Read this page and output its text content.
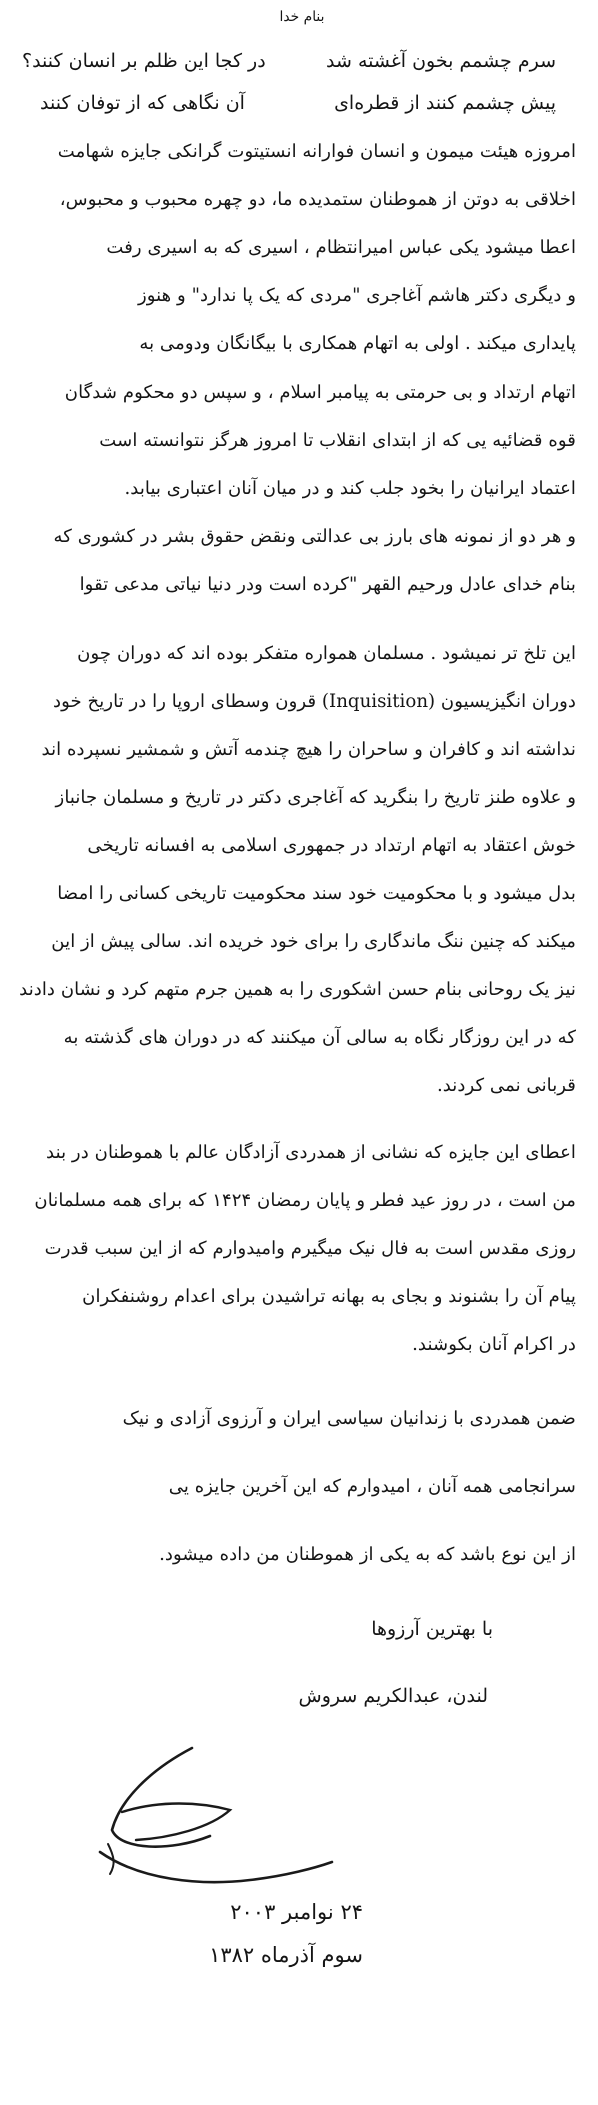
بنام خدا
سرم چشمم بخون آغشته شد
در کجا این ظلم بر انسان کنند؟
پیش چشمم کنند از قطره‌ای
آن نگاهی که از توفان کنند
امروزه هیئت میمون و انسان فوارانه انستیتوت گرانکی جایزه شهامت
اخلاقی به دوتن از هموطنان ستمدیده ما، دو چهره محبوب و محبوس،
اعطا میشود یکی عباس امیرانتظام ، اسیری که به اسیری رفت
و دیگری دکتر هاشم آغاجری "مردی که یک پا ندارد" و هنوز
پایداری میکند . اولی به اتهام همکاری با بیگانگان ودومی به
اتهام ارتداد و بی حرمتی به پیامبر اسلام ، و سپس دو محکوم شدگان
قوه قضائیه یی که از ابتدای انقلاب تا امروز هرگز نتوانسته است
اعتماد ایرانیان را بخود جلب کند و در میان آنان اعتباری بیابد.
و هر دو از نمونه های بارز بی عدالتی ونقض حقوق بشر در کشوری که
بنام خدای عادل ورحیم القهر "کرده است ودر دنیا نیاتی مدعی تقوا
این تلخ تر نمیشود . مسلمان همواره متفکر بوده اند که دوران چون
دوران انگیزیسیون (Inquisition) قرون وسطای اروپا را در تاریخ خود
نداشته اند و کافران و ساحران را هیچ چندمه آتش و شمشیر نسپرده اند
و علاوه طنز تاریخ را بنگرید که آغاجری دکتر در تاریخ و مسلمان جانباز
خوش اعتقاد به اتهام ارتداد در جمهوری اسلامی به افسانه تاریخی
بدل میشود و با محکومیت خود سند محکومیت تاریخی کسانی را امضا
میکند که چنین ننگ ماندگاری را برای خود خریده اند. سالی پیش از این
نیز یک روحانی بنام حسن اشکوری را به همین جرم متهم کرد و نشان دادند
که در این روزگار نگاه به سالی آن میکنند که در دوران های گذشته به
قربانی نمی کردند.
اعطای این جایزه که نشانی از همدردی آزادگان عالم با هموطنان در بند
من است ، در روز عید فطر و پایان رمضان ۱۴۲۴ که برای همه مسلمانان
روزی مقدس است به فال نیک میگیرم وامیدوارم که از این سبب قدرت
پیام آن را بشنوند و بجای به بهانه تراشیدن برای اعدام روشنفکران
در اکرام آنان بکوشند.
ضمن همدردی با زندانیان سیاسی ایران و آرزوی آزادی و نیک
سرانجامی همه آنان ، امیدوارم که این آخرین جایزه یی
از این نوع باشد که به یکی از هموطنان من داده میشود.
با بهترین آرزوها
لندن، عبدالکریم سروش
۲۴ نوامبر ۲۰۰۳
سوم آذرماه ۱۳۸۲
